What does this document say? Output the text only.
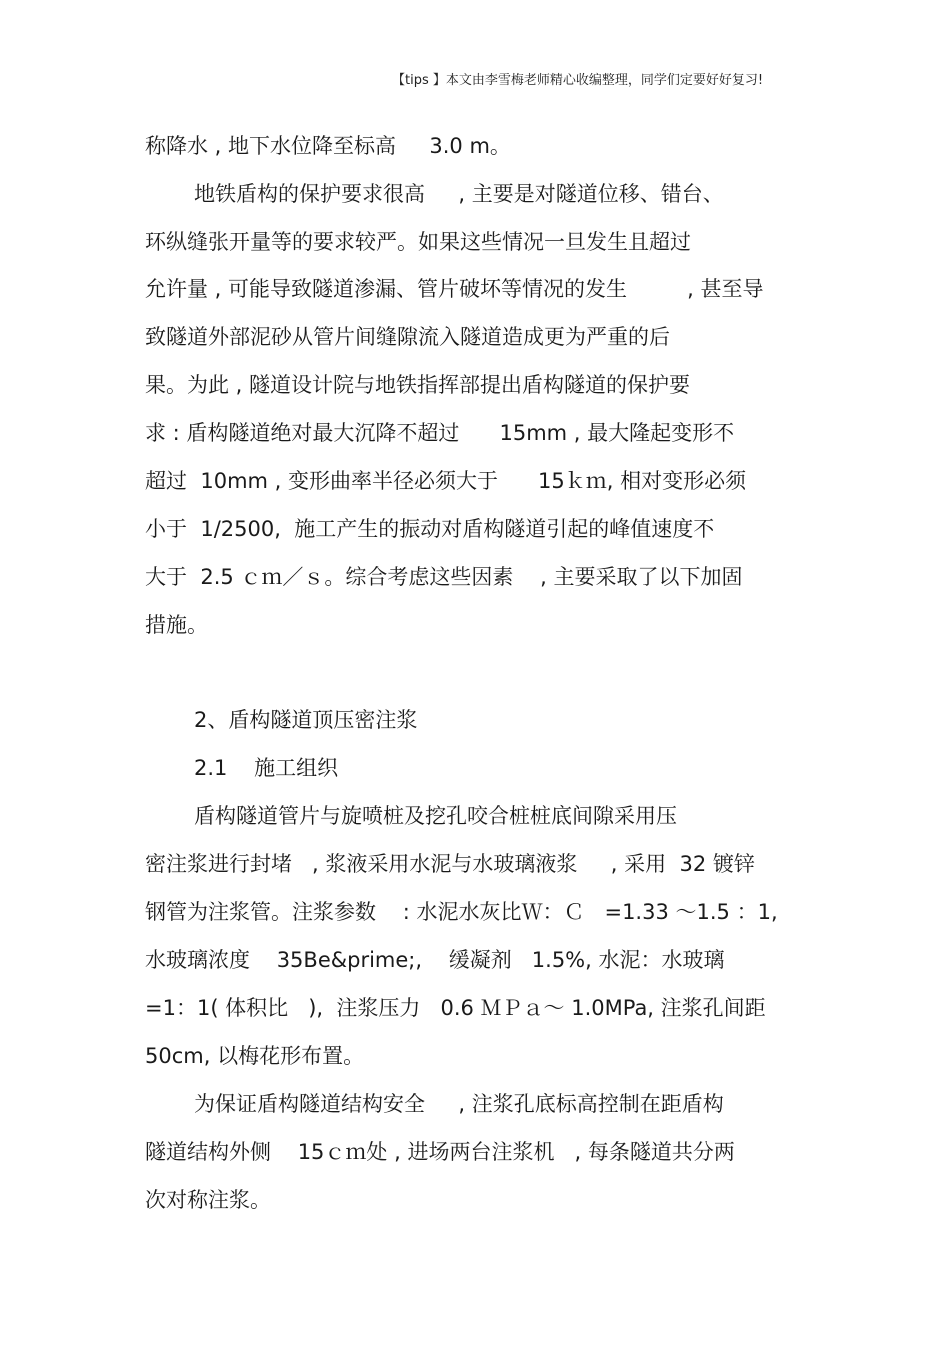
【tips 】本文由李雪梅老师精心收编整理，同学们定要好好复习!
称降水 , 地下水位降至标高     3.0 m。
地铁盾构的保护要求很高     , 主要是对隧道位移、错台、
环纵缝张开量等的要求较严。如果这些情况一旦发生且超过
允许量 , 可能导致隧道渗漏、管片破坏等情况的发生         , 甚至导
致隧道外部泥砂从管片间缝隙流入隧道造成更为严重的后
果。为此 , 隧道设计院与地铁指挥部提出盾构隧道的保护要
求 : 盾构隧道绝对最大沉降不超过      15mm , 最大隆起变形不
超过  10mm , 变形曲率半径必须大于      15ｋｍ, 相对变形必须
小于  1/2500,  施工产生的振动对盾构隧道引起的峰值速度不
大于  2.5 ｃｍ／ｓ。综合考虑这些因素    , 主要采取了以下加固
措施。
2、盾构隧道顶压密注浆
2.1    施工组织
盾构隧道管片与旋喷桩及挖孔咬合桩桩底间隙采用压
密注浆进行封堵   , 浆液采用水泥与水玻璃液浆     , 采用  32 镀锌
钢管为注浆管。注浆参数    : 水泥水灰比Ｗ：Ｃ   =1.33 ～1.5 ：1,
水玻璃浓度    35Be&prime;,    缓凝剂   1.5%, 水泥：水玻璃
=1：1( 体积比   ),  注浆压力   0.6 ＭＰａ～ 1.0MPa, 注浆孔间距
50cm, 以梅花形布置。
为保证盾构隧道结构安全     , 注浆孔底标高控制在距盾构
隧道结构外侧    15ｃｍ处 , 进场两台注浆机   , 每条隧道共分两
次对称注浆。
